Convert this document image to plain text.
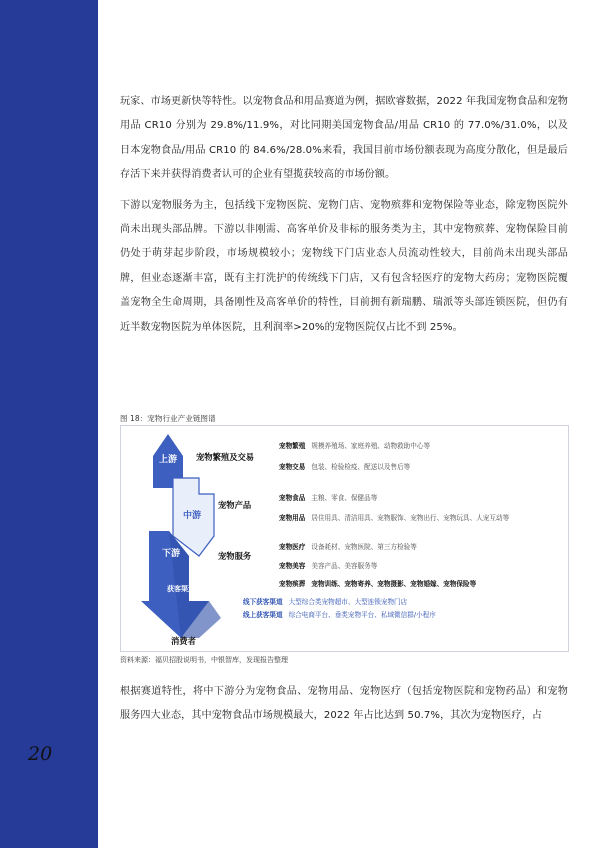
20

玩家、市场更新快等特性。以宠物食品和用品赛道为例，据欧睿数据，2022 年我国宠物食品和宠物用品 CR10 分别为 29.8%/11.9%，对比同期美国宠物食品/用品 CR10 的 77.0%/31.0%，以及日本宠物食品/用品 CR10 的 84.6%/28.0%来看，我国目前市场份额表现为高度分散化，但是最后存活下来并获得消费者认可的企业有望揽获较高的市场份额。

下游以宠物服务为主，包括线下宠物医院、宠物门店、宠物殡葬和宠物保险等业态，除宠物医院外尚未出现头部品牌。下游以非刚需、高客单价及非标的服务类为主，其中宠物殡葬、宠物保险目前仍处于萌芽起步阶段，市场规模较小；宠物线下门店业态人员流动性较大，目前尚未出现头部品牌，但业态逐渐丰富，既有主打洗护的传统线下门店，又有包含轻医疗的宠物大药房；宠物医院覆盖宠物全生命周期，具备刚性及高客单价的特性，目前拥有新瑞鹏、瑞派等头部连锁医院，但仍有近半数宠物医院为单体医院，且利润率>20%的宠物医院仅占比不到 25%。

图 18：宠物行业产业链图谱
上游
中游
下游
获客渠道
宠物繁殖及交易
宠物产品
宠物服务
消费者
宠物繁殖 规模养殖场、家庭养殖、动物救助中心等
宠物交易 包装、检验检疫、配送以及售后等
宠物食品 主粮、零食、保健品等
宠物用品 居住用具、清洁用具、宠物服饰、宠物出行、宠物玩具、人宠互动等
宠物医疗 设备耗材、宠物医院、第三方检验等
宠物美容 美容产品、美容服务等
宠物殡葬 宠物训练、宠物寄养、宠物摄影、宠物婚嫁、宠物保险等
线下获客渠道 大型综合类宠物超市、大型连锁宠物门店
线上获客渠道 综合电商平台、垂类宠物平台、私域微信群/小程序
资料来源：福贝招股说明书，中银智库，发现报告整理

根据赛道特性，将中下游分为宠物食品、宠物用品、宠物医疗（包括宠物医院和宠物药品）和宠物服务四大业态，其中宠物食品市场规模最大，2022 年占比达到 50.7%，其次为宠物医疗，占
